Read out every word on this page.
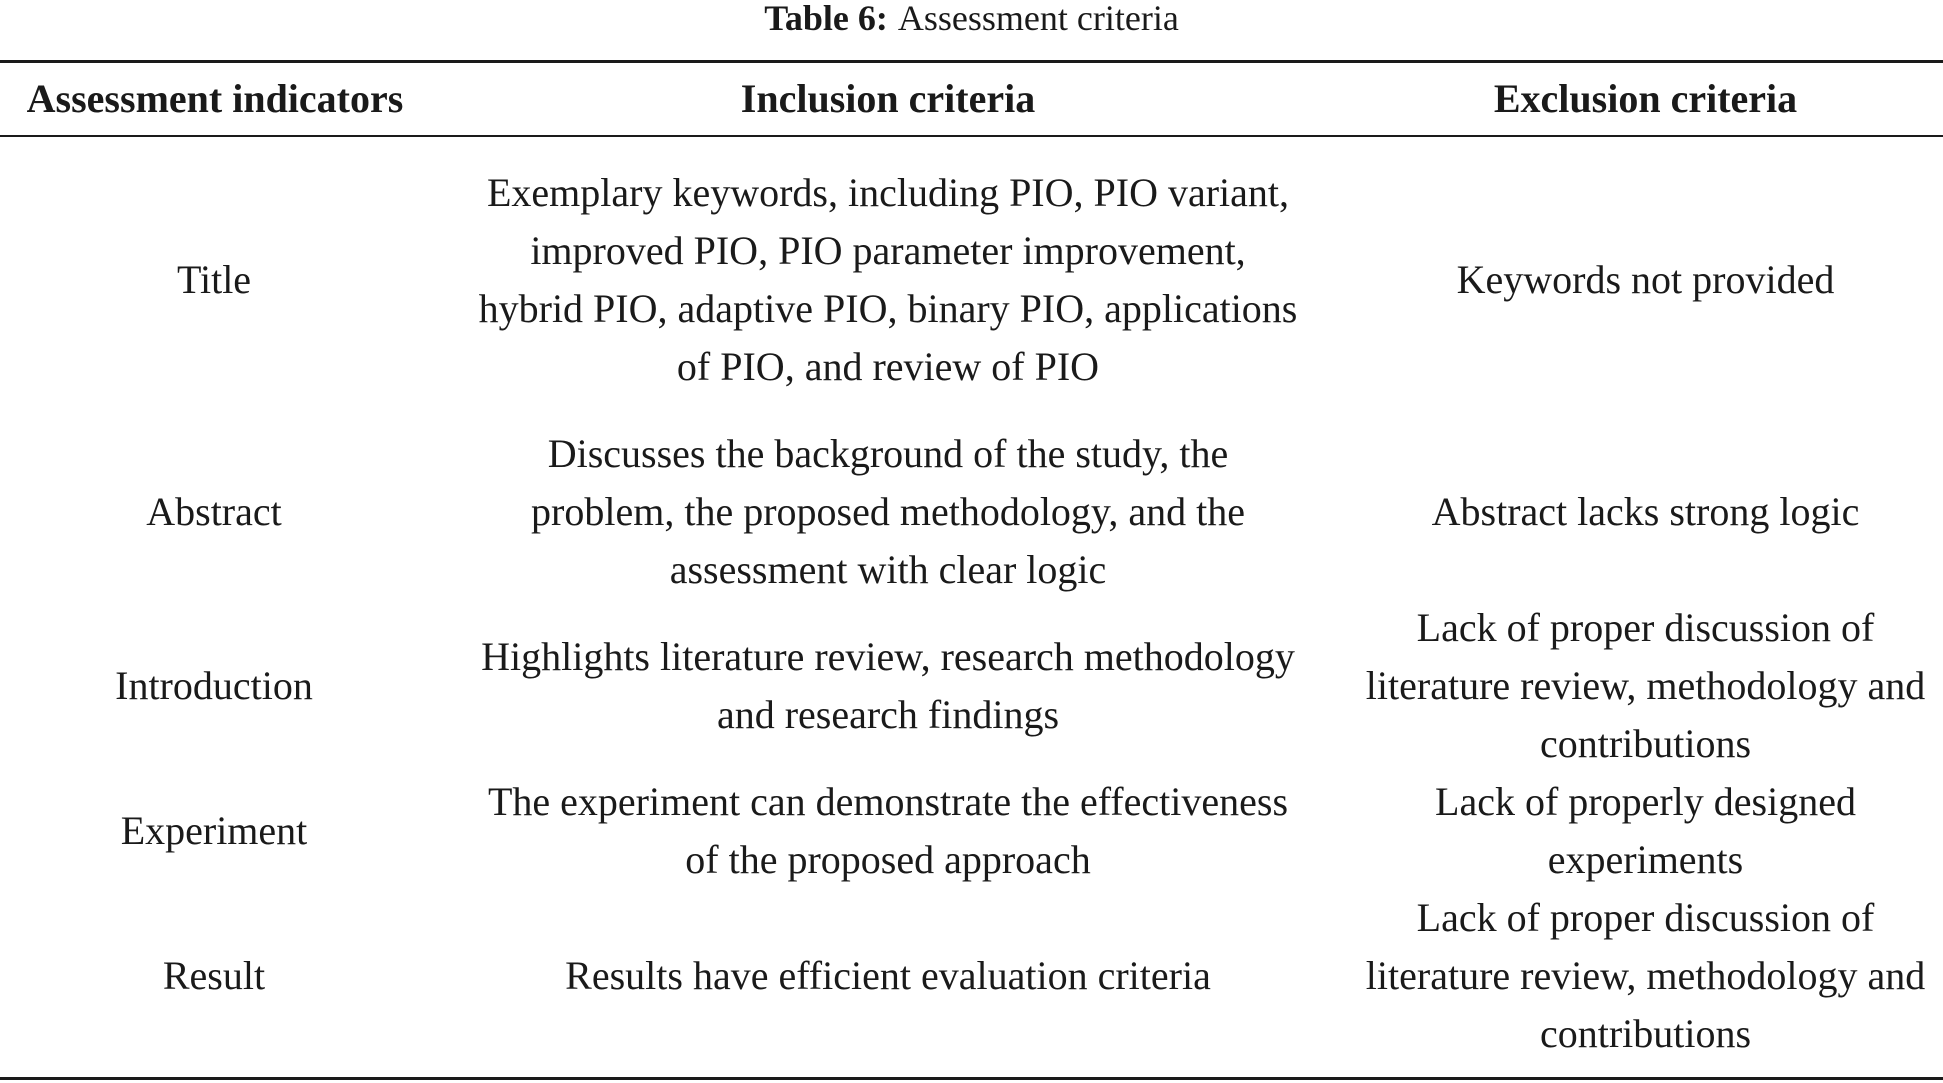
Table 6: Assessment criteria
Assessment indicators	Inclusion criteria	Exclusion criteria
Title	Exemplary keywords, including PIO, PIO variant, improved PIO, PIO parameter improvement, hybrid PIO, adaptive PIO, binary PIO, applications of PIO, and review of PIO	Keywords not provided

Abstract	Discusses the background of the study, the problem, the proposed methodology, and the assessment with clear logic	Abstract lacks strong logic

Introduction	Highlights literature review, research methodology and research findings	Lack of proper discussion of literature review, methodology and contributions

Experiment	The experiment can demonstrate the effectiveness of the proposed approach	Lack of properly designed experiments

Result	Results have efficient evaluation criteria	Lack of proper discussion of literature review, methodology and contributions
